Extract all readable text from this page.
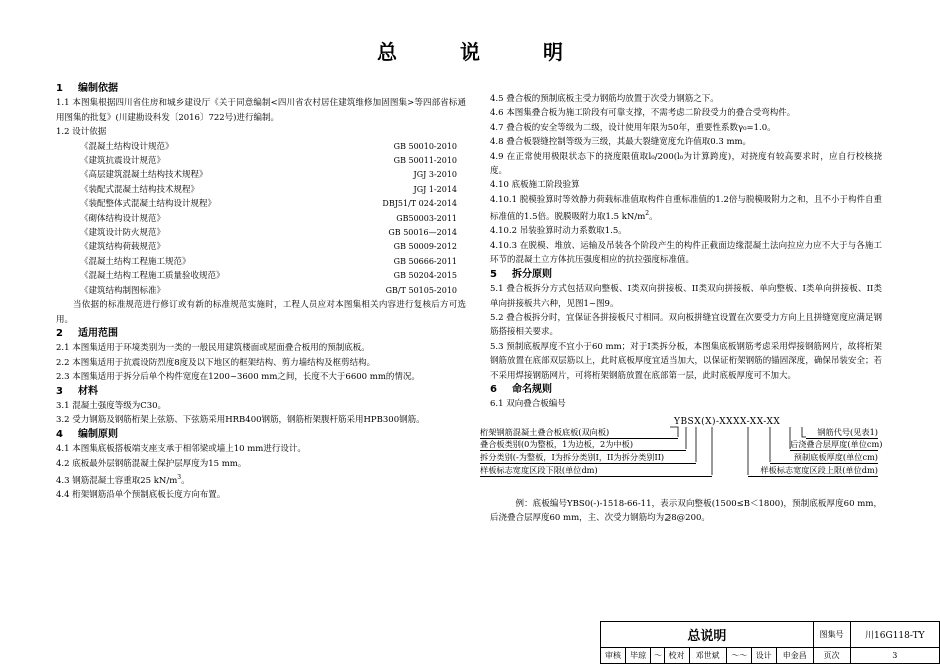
总 说 明
1 编制依据
1.1 本图集根据四川省住房和城乡建设厅《关于同意编制<四川省农村居住建筑维修加固图集>等四部省标通用图集的批复》(川建勘设科发〔2016〕722号)进行编制。
1.2 设计依据
《混凝土结构设计规范》	GB 50010-2010
《建筑抗震设计规范》	GB 50011-2010
《高层建筑混凝土结构技术规程》	JGJ 3-2010
《装配式混凝土结构技术规程》	JGJ 1-2014
《装配整体式混凝土结构设计规程》	DBJ51/T 024-2014
《砌体结构设计规范》	GB50003-2011
《建筑设计防火规范》	GB 50016—2014
《建筑结构荷载规范》	GB 50009-2012
《混凝土结构工程施工规范》	GB 50666-2011
《混凝土结构工程施工质量验收规范》	GB 50204-2015
《建筑结构制图标准》	GB/T 50105-2010
当依据的标准规范进行修订或有新的标准规范实施时，工程人员应对本图集相关内容进行复核后方可选用。
2 适用范围
2.1 本图集适用于环境类别为一类的一般民用建筑楼面或屋面叠合板用的预制底板。
2.2 本图集适用于抗震设防烈度8度及以下地区的框架结构、剪力墙结构及框剪结构。
2.3 本图集适用于拆分后单个构件宽度在1200~3600 mm之间，长度不大于6600 mm的情况。
3 材料
3.1 混凝土强度等级为C30。
3.2 受力钢筋及钢筋桁架上弦筋、下弦筋采用HRB400钢筋，钢筋桁架腹杆筋采用HPB300钢筋。
4 编制原则
4.1 本图集底板搭板端支座支承于相邻梁或墙上10 mm进行设计。
4.2 底板最外层钢筋混凝土保护层厚度为15 mm。
4.3 钢筋混凝土容重取25 $kN/m^3$。
4.4 桁架钢筋沿单个预制底板长度方向布置。
4.5 叠合板的预制底板主受力钢筋均放置于次受力钢筋之下。
4.6 本图集叠合板为施工阶段有可靠支撑，不需考虑二阶段受力的叠合受弯构件。
4.7 叠合板的安全等级为二级，设计使用年限为50年，重要性系数γ₀=1.0。
4.8 叠合板裂缝控制等级为三级，其最大裂缝宽度允许值取0.3 mm。
4.9 在正常使用极限状态下的挠度限值取l₀/200(l₀为计算跨度)，对挠度有较高要求时，应自行校核挠度。
4.10 底板施工阶段验算
4.10.1 脱模验算时等效静力荷载标准值取构件自重标准值的1.2倍与脱模吸附力之和，且不小于构件自重标准值的1.5倍。脱膜吸附力取1.5 $kN/m^2$。
4.10.2 吊装验算时动力系数取1.5。
4.10.3 在脱模、堆放、运输及吊装各个阶段产生的构件正截面边缘混凝土法向拉应力应不大于与各施工环节的混凝土立方体抗压强度相应的抗拉强度标准值。
5 拆分原则
5.1 叠合板拆分方式包括双向整板、I类双向拼接板、II类双向拼接板、单向整板、I类单向拼接板、II类单向拼接板共六种，见图1~图9。
5.2 叠合板拆分时，宜保证各拼接板尺寸相同。双向板拼缝宜设置在次要受力方向上且拼缝宽度应满足钢筋搭接相关要求。
5.3 预制底板厚度不宜小于60 mm；对于I类拆分板，本图集底板钢筋考虑采用焊接钢筋网片，故将桁架钢筋放置在底部双层筋以上，此时底板厚度宜适当加大，以保证桁架钢筋的锚固深度，确保吊装安全；若不采用焊接钢筋网片，可将桁架钢筋放置在底部第一层，此时底板厚度可不加大。
6 命名规则
6.1 双向叠合板编号
YBSX(X)-XXXX-XX-XX
桁架钢筋混凝土叠合板底板(双向板)
叠合板类别(0为整板，1为边板，2为中板)
拆分类别(-为整板，I为拆分类别I，II为拆分类别II)
样板标志宽度区段下限(单位dm)
钢筋代号(见表1)
后浇叠合层厚度(单位cm)
预制底板厚度(单位cm)
样板标志宽度区段上限(单位dm)
例：底板编号YBS0(-)-1518-66-11，表示双向整板(1500≤B＜1800)，预制底板厚度60 mm，后浇叠合层厚度60 mm，主、次受力钢筋均为⊉8@200。
总说明								图集号	川16G118-TY
审核	毕琼	～	校对	邓世斌	～～	设计	申金昌	页次	3
